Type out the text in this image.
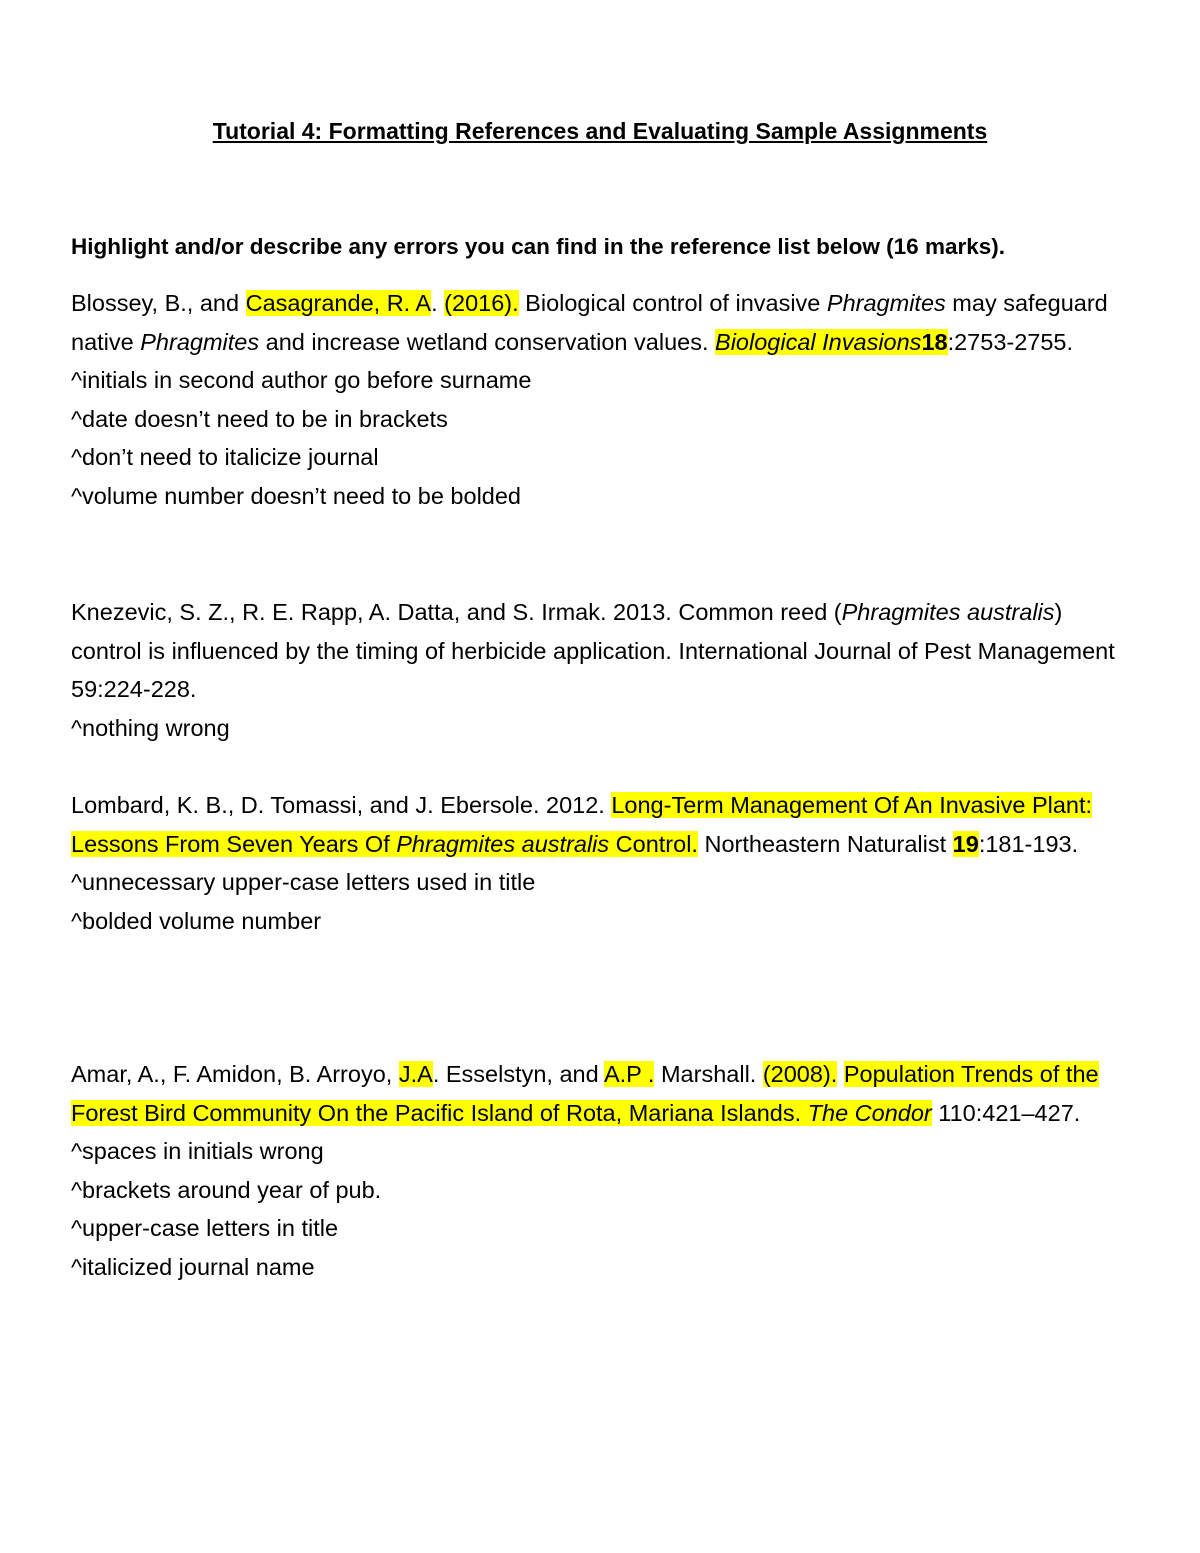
Tutorial 4: Formatting References and Evaluating Sample Assignments

Highlight and/or describe any errors you can find in the reference list below (16 marks).

Blossey, B., and Casagrande, R. A. (2016). Biological control of invasive Phragmites may safeguard native Phragmites and increase wetland conservation values. Biological Invasions18:2753-2755.

^initials in second author go before surname

^date doesn’t need to be in brackets

^don’t need to italicize journal

^volume number doesn’t need to be bolded

Knezevic, S. Z., R. E. Rapp, A. Datta, and S. Irmak. 2013. Common reed (Phragmites australis) control is influenced by the timing of herbicide application. International Journal of Pest Management 59:224-228.

^nothing wrong

Lombard, K. B., D. Tomassi, and J. Ebersole. 2012. Long-Term Management Of An Invasive Plant: Lessons From Seven Years Of Phragmites australis Control. Northeastern Naturalist 19:181-193.

^unnecessary upper-case letters used in title

^bolded volume number

Amar, A., F. Amidon, B. Arroyo, J.A. Esselstyn, and A.P . Marshall. (2008). Population Trends of the Forest Bird Community On the Pacific Island of Rota, Mariana Islands. The Condor 110:421–427.

^spaces in initials wrong

^brackets around year of pub.

^upper-case letters in title

^italicized journal name
